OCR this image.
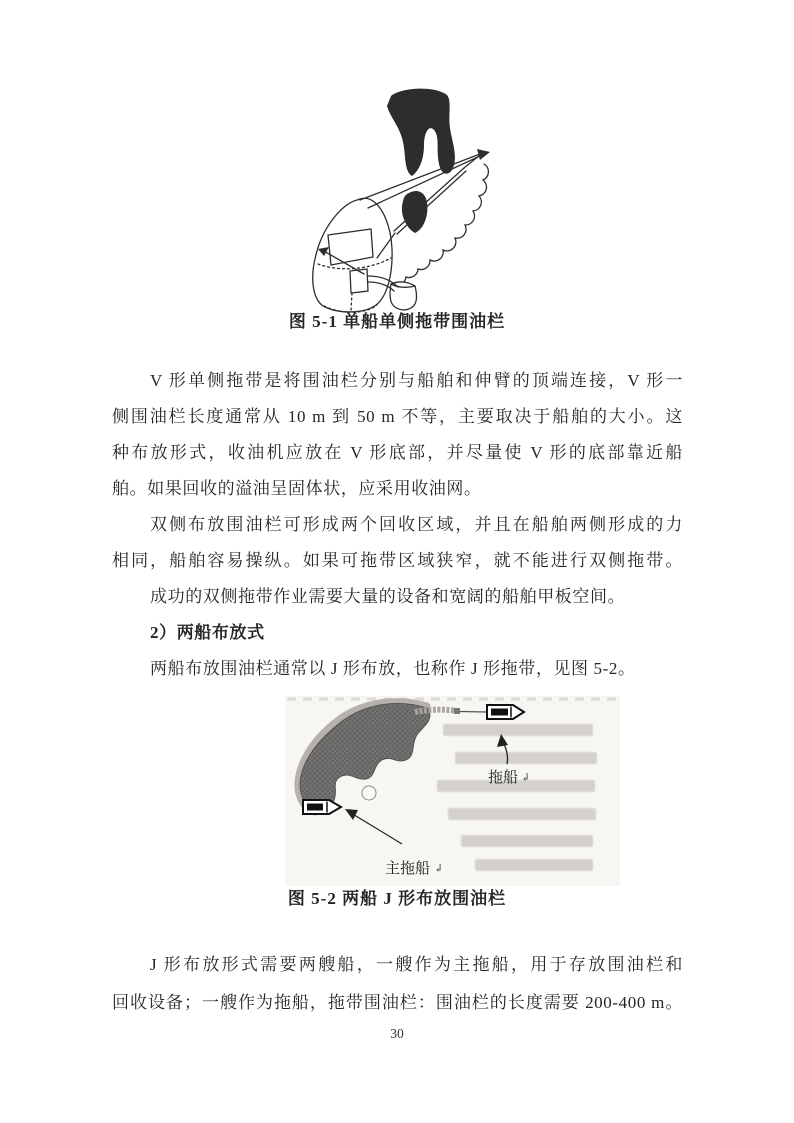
图 5-1 单船单侧拖带围油栏
V 形单侧拖带是将围油栏分别与船舶和伸臂的顶端连接，V 形一
侧围油栏长度通常从 10 m 到 50 m 不等，主要取决于船舶的大小。这
种布放形式，收油机应放在 V 形底部，并尽量使 V 形的底部靠近船
舶。如果回收的溢油呈固体状，应采用收油网。
双侧布放围油栏可形成两个回收区域，并且在船舶两侧形成的力
相同，船舶容易操纵。如果可拖带区域狭窄，就不能进行双侧拖带。
成功的双侧拖带作业需要大量的设备和宽阔的船舶甲板空间。
2）两船布放式
两船布放围油栏通常以 J 形布放，也称作 J 形拖带，见图 5-2。
拖船 ↲
主拖船 ↲
图 5-2 两船 J 形布放围油栏
J 形布放形式需要两艘船，一艘作为主拖船，用于存放围油栏和
回收设备；一艘作为拖船，拖带围油栏：围油栏的长度需要 200-400 m。
30
